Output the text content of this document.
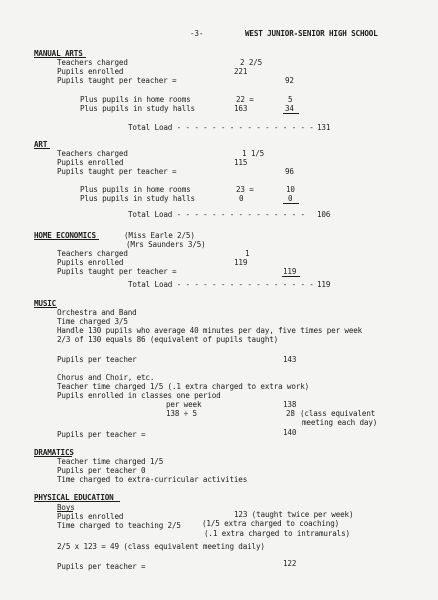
-3-	WEST JUNIOR-SENIOR HIGH SCHOOL
MANUAL ARTS
Teachers charged	2 2/5
Pupils enrolled	221
Pupils taught per teacher =	92
Plus pupils in home rooms	22 =	5
Plus pupils in study halls	163	34
Total Load - - - - - - - - - - - - - - - - 131
ART
Teachers charged	1 1/5
Pupils enrolled	115
Pupils taught per teacher =	96
Plus pupils in home rooms	23 =	10
Plus pupils in study halls	0	0
Total Load - - - - - - - - - - - - - - - 106
HOME ECONOMICS	(Miss Earle 2/5)
(Mrs Saunders 3/5)
Teachers charged	1
Pupils enrolled	119
Pupils taught per teacher =	119
Total Load - - - - - - - - - - - - - - - - 119
MUSIC
Orchestra and Band
Time charged 3/5
Handle 130 pupils who average 40 minutes per day, five times per week
2/3 of 130 equals 86 (equivalent of pupils taught)
Pupils per teacher	143
Chorus and Choir, etc.
Teacher time charged 1/5 (.1 extra charged to extra work)
Pupils enrolled in classes one period
per week	138
138 ÷ 5	28 (class equivalent
meeting each day)
Pupils per teacher =	140
DRAMATICS
Teacher time charged 1/5
Pupils per teacher 0
Time charged to extra-curricular activities
PHYSICAL EDUCATION
Boys
Pupils enrolled	123 (taught twice per week)
Time charged to teaching 2/5	(1/5 extra charged to coaching)
(.1 extra charged to intramurals)
2/5 x 123 = 49 (class equivalent meeting daily)
Pupils per teacher =	122
